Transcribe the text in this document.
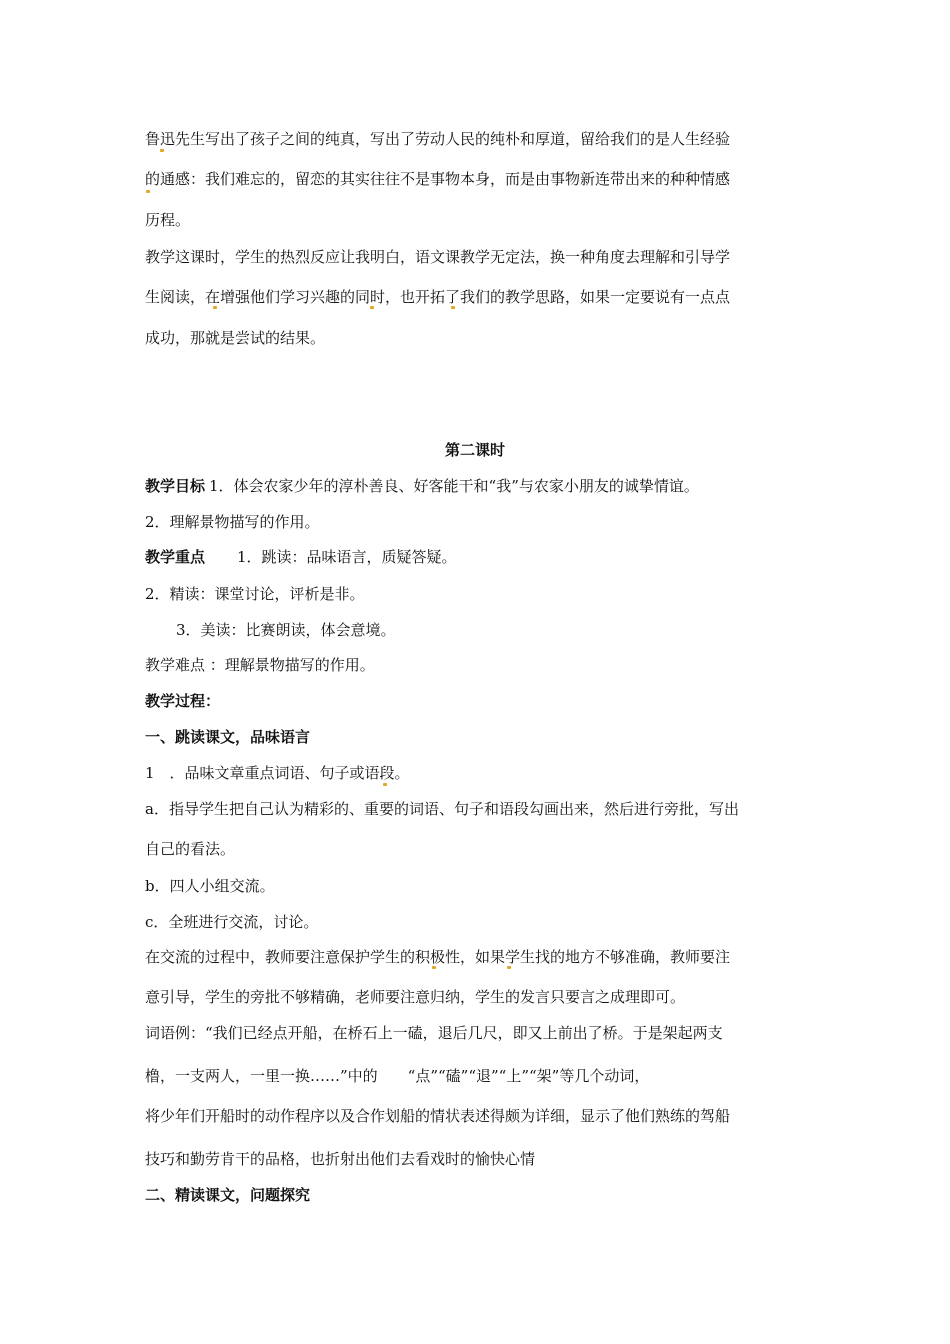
鲁迅先生写出了孩子之间的纯真，写出了劳动人民的纯朴和厚道，留给我们的是人生经验
的通感：我们难忘的，留恋的其实往往不是事物本身，而是由事物新连带出来的种种情感
历程。
教学这课时，学生的热烈反应让我明白，语文课教学无定法，换一种角度去理解和引导学
生阅读，在增强他们学习兴趣的同时，也开拓了我们的教学思路，如果一定要说有一点点
成功，那就是尝试的结果。
第二课时
教学目标 1．体会农家少年的淳朴善良、好客能干和“我”与农家小朋友的诚挚情谊。
2．理解景物描写的作用。
教学重点 1．跳读：品味语言，质疑答疑。
2．精读：课堂讨论，评析是非。
3．美读：比赛朗读，体会意境。
教学难点 ：理解景物描写的作用。
教学过程：
一、跳读课文，品味语言
1　．品味文章重点词语、句子或语段。
a．指导学生把自己认为精彩的、重要的词语、句子和语段勾画出来，然后进行旁批，写出
自己的看法。
b．四人小组交流。
c．全班进行交流，讨论。
在交流的过程中，教师要注意保护学生的积极性，如果学生找的地方不够准确，教师要注
意引导，学生的旁批不够精确，老师要注意归纳，学生的发言只要言之成理即可。
词语例：“我们已经点开船，在桥石上一磕，退后几尺，即又上前出了桥。于是架起两支
橹，一支两人，一里一换……”中的　　“点”“磕”“退”“上”“架”等几个动词，
将少年们开船时的动作程序以及合作划船的情状表述得颇为详细，显示了他们熟练的驾船
技巧和勤劳肯干的品格，也折射出他们去看戏时的愉快心情
二、精读课文，问题探究
